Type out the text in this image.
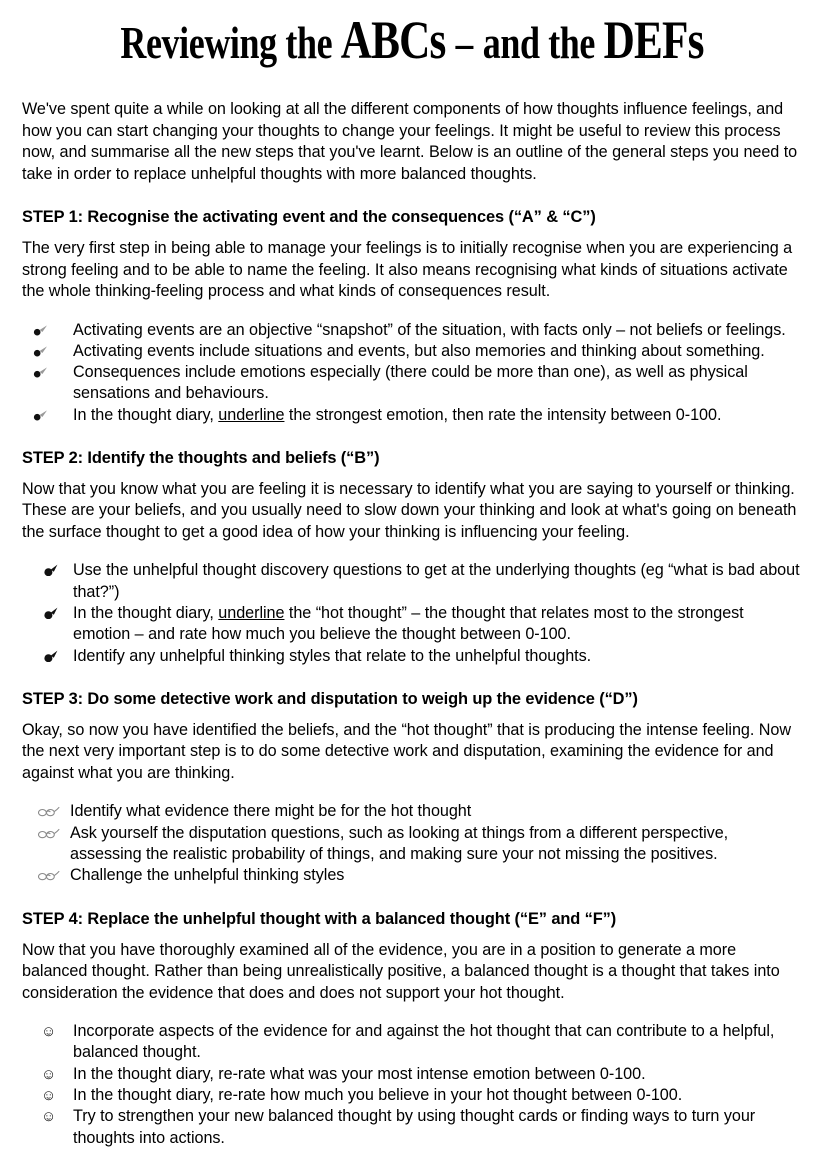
Reviewing the ABCs – and the DEFs

We've spent quite a while on looking at all the different components of how thoughts influence feelings, and how you can start changing your thoughts to change your feelings. It might be useful to review this process now, and summarise all the new steps that you've learnt. Below is an outline of the general steps you need to take in order to replace unhelpful thoughts with more balanced thoughts.

STEP 1: Recognise the activating event and the consequences (“A” & “C”)

The very first step in being able to manage your feelings is to initially recognise when you are experiencing a strong feeling and to be able to name the feeling. It also means recognising what kinds of situations activate the whole thinking-feeling process and what kinds of consequences result.

Activating events are an objective “snapshot” of the situation, with facts only – not beliefs or feelings.
Activating events include situations and events, but also memories and thinking about something.
Consequences include emotions especially (there could be more than one), as well as physical sensations and behaviours.
In the thought diary, underline the strongest emotion, then rate the intensity between 0-100.

STEP 2: Identify the thoughts and beliefs (“B”)

Now that you know what you are feeling it is necessary to identify what you are saying to yourself or thinking. These are your beliefs, and you usually need to slow down your thinking and look at what's going on beneath the surface thought to get a good idea of how your thinking is influencing your feeling.

Use the unhelpful thought discovery questions to get at the underlying thoughts (eg “what is bad about that?”)
In the thought diary, underline the “hot thought” – the thought that relates most to the strongest emotion – and rate how much you believe the thought between 0-100.
Identify any unhelpful thinking styles that relate to the unhelpful thoughts.

STEP 3: Do some detective work and disputation to weigh up the evidence (“D”)

Okay, so now you have identified the beliefs, and the “hot thought” that is producing the intense feeling. Now the next very important step is to do some detective work and disputation, examining the evidence for and against what you are thinking.

Identify what evidence there might be for the hot thought
Ask yourself the disputation questions, such as looking at things from a different perspective, assessing the realistic probability of things, and making sure your not missing the positives.
Challenge the unhelpful thinking styles

STEP 4: Replace the unhelpful thought with a balanced thought (“E” and “F”)

Now that you have thoroughly examined all of the evidence, you are in a position to generate a more balanced thought. Rather than being unrealistically positive, a balanced thought is a thought that takes into consideration the evidence that does and does not support your hot thought.

☺	Incorporate aspects of the evidence for and against the hot thought that can contribute to a helpful, balanced thought.
☺	In the thought diary, re-rate what was your most intense emotion between 0-100.
☺	In the thought diary, re-rate how much you believe in your hot thought between 0-100.
☺	Try to strengthen your new balanced thought by using thought cards or finding ways to turn your thoughts into actions.
